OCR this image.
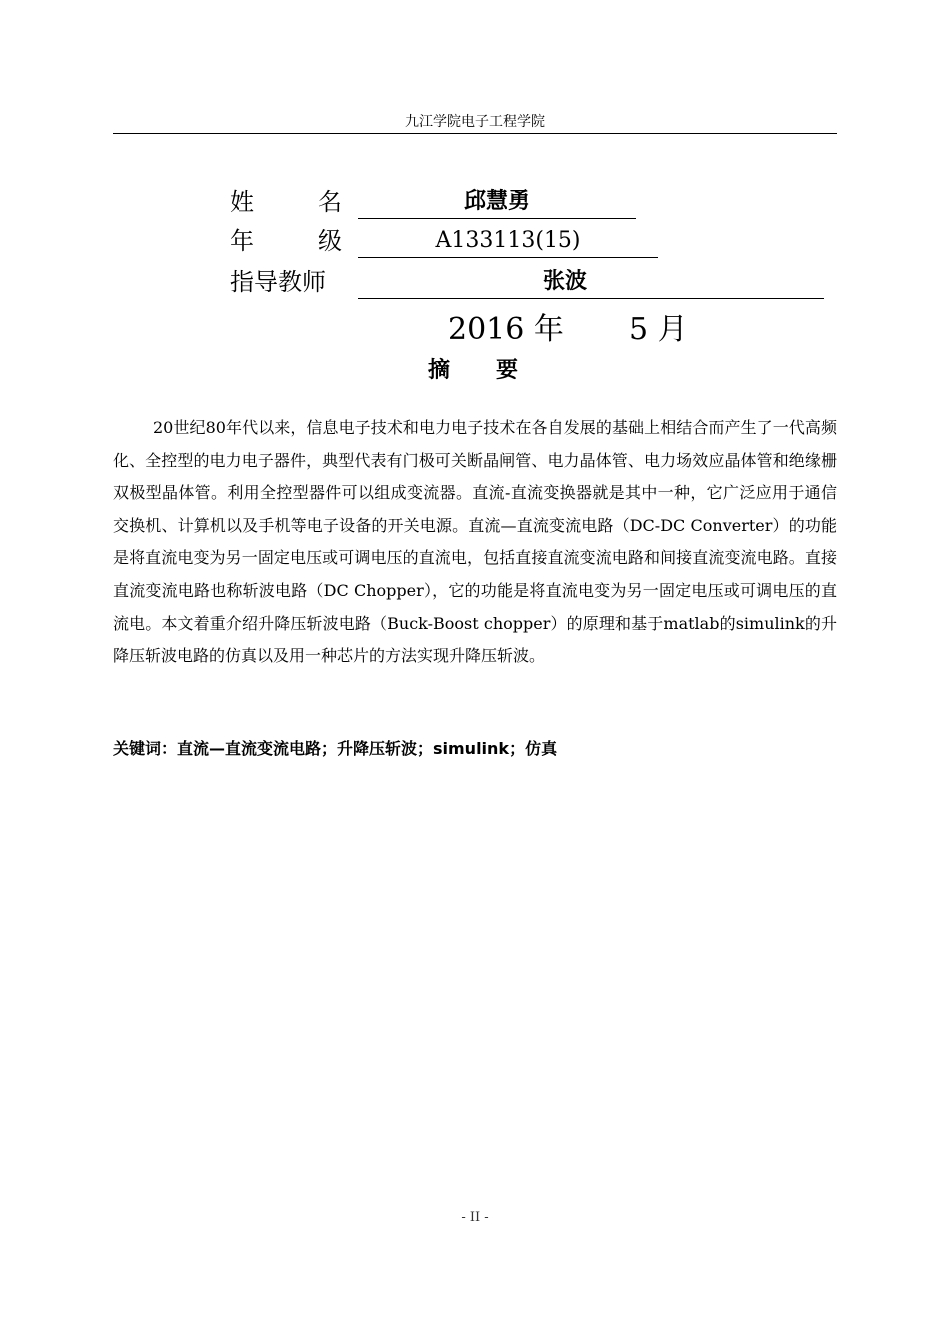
九江学院电子工程学院
姓	名	邱慧勇
年	级	A133113(15)
指导教师	张波
2016 年 5 月
摘 要

20世纪80年代以来，信息电子技术和电力电子技术在各自发展的基础上相结合而产生了一代高频化、全控型的电力电子器件，典型代表有门极可关断晶闸管、电力晶体管、电力场效应晶体管和绝缘栅双极型晶体管。利用全控型器件可以组成变流器。直流-直流变换器就是其中一种，它广泛应用于通信交换机、计算机以及手机等电子设备的开关电源。直流—直流变流电路（DC-DC Converter）的功能是将直流电变为另一固定电压或可调电压的直流电，包括直接直流变流电路和间接直流变流电路。直接直流变流电路也称斩波电路（DC Chopper），它的功能是将直流电变为另一固定电压或可调电压的直流电。本文着重介绍升降压斩波电路（Buck-Boost chopper）的原理和基于matlab的simulink的升降压斩波电路的仿真以及用一种芯片的方法实现升降压斩波。

关键词：直流—直流变流电路；升降压斩波；simulink；仿真
- II -
